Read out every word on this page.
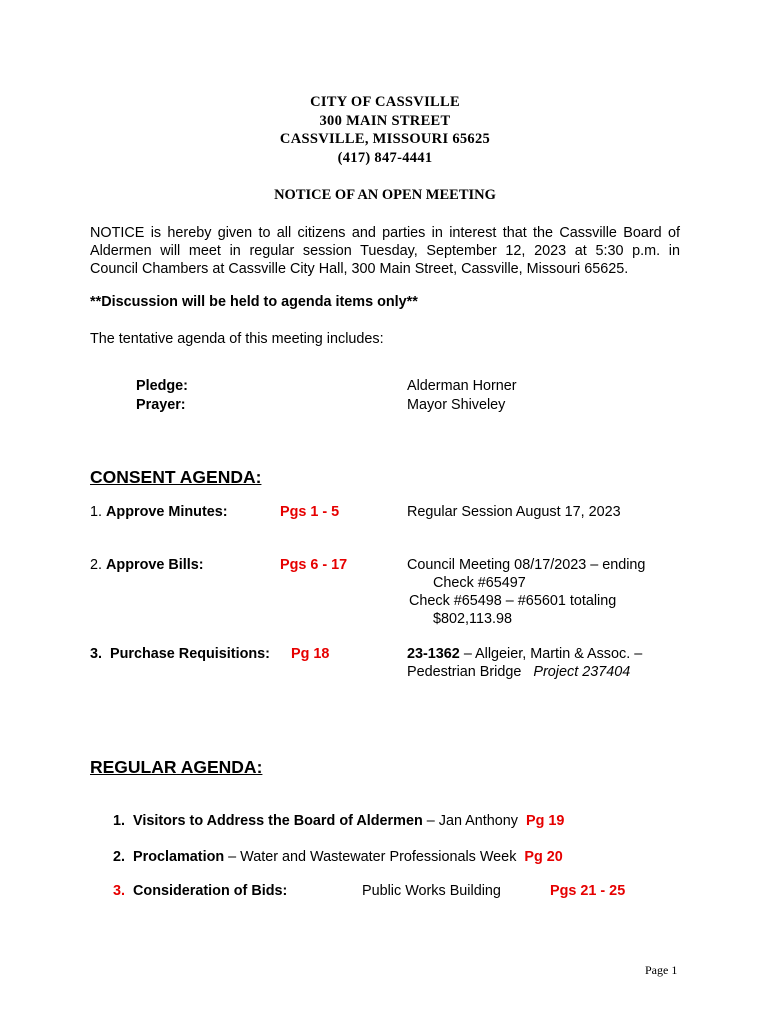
CITY OF CASSVILLE
300 MAIN STREET
CASSVILLE, MISSOURI 65625
(417) 847-4441
NOTICE OF AN OPEN MEETING
NOTICE is hereby given to all citizens and parties in interest that the Cassville Board of
Aldermen will meet in regular session Tuesday, September 12, 2023 at 5:30 p.m. in
Council Chambers at Cassville City Hall, 300 Main Street, Cassville, Missouri 65625.
**Discussion will be held to agenda items only**
The tentative agenda of this meeting includes:
Pledge:	Alderman Horner
Prayer:	Mayor Shiveley
CONSENT AGENDA:
1. Approve Minutes:	Pgs 1 - 5	Regular Session August 17, 2023
2. Approve Bills:	Pgs 6 - 17	Council Meeting 08/17/2023 – ending
Check #65497
Check #65498 – #65601 totaling
$802,113.98
3. Purchase Requisitions: Pg 18	23-1362 – Allgeier, Martin & Assoc. –
Pedestrian Bridge Project 237404
REGULAR AGENDA:
1. Visitors to Address the Board of Aldermen – Jan Anthony Pg 19
2. Proclamation – Water and Wastewater Professionals Week Pg 20
3. Consideration of Bids:	Public Works Building	Pgs 21 - 25
Page 1
